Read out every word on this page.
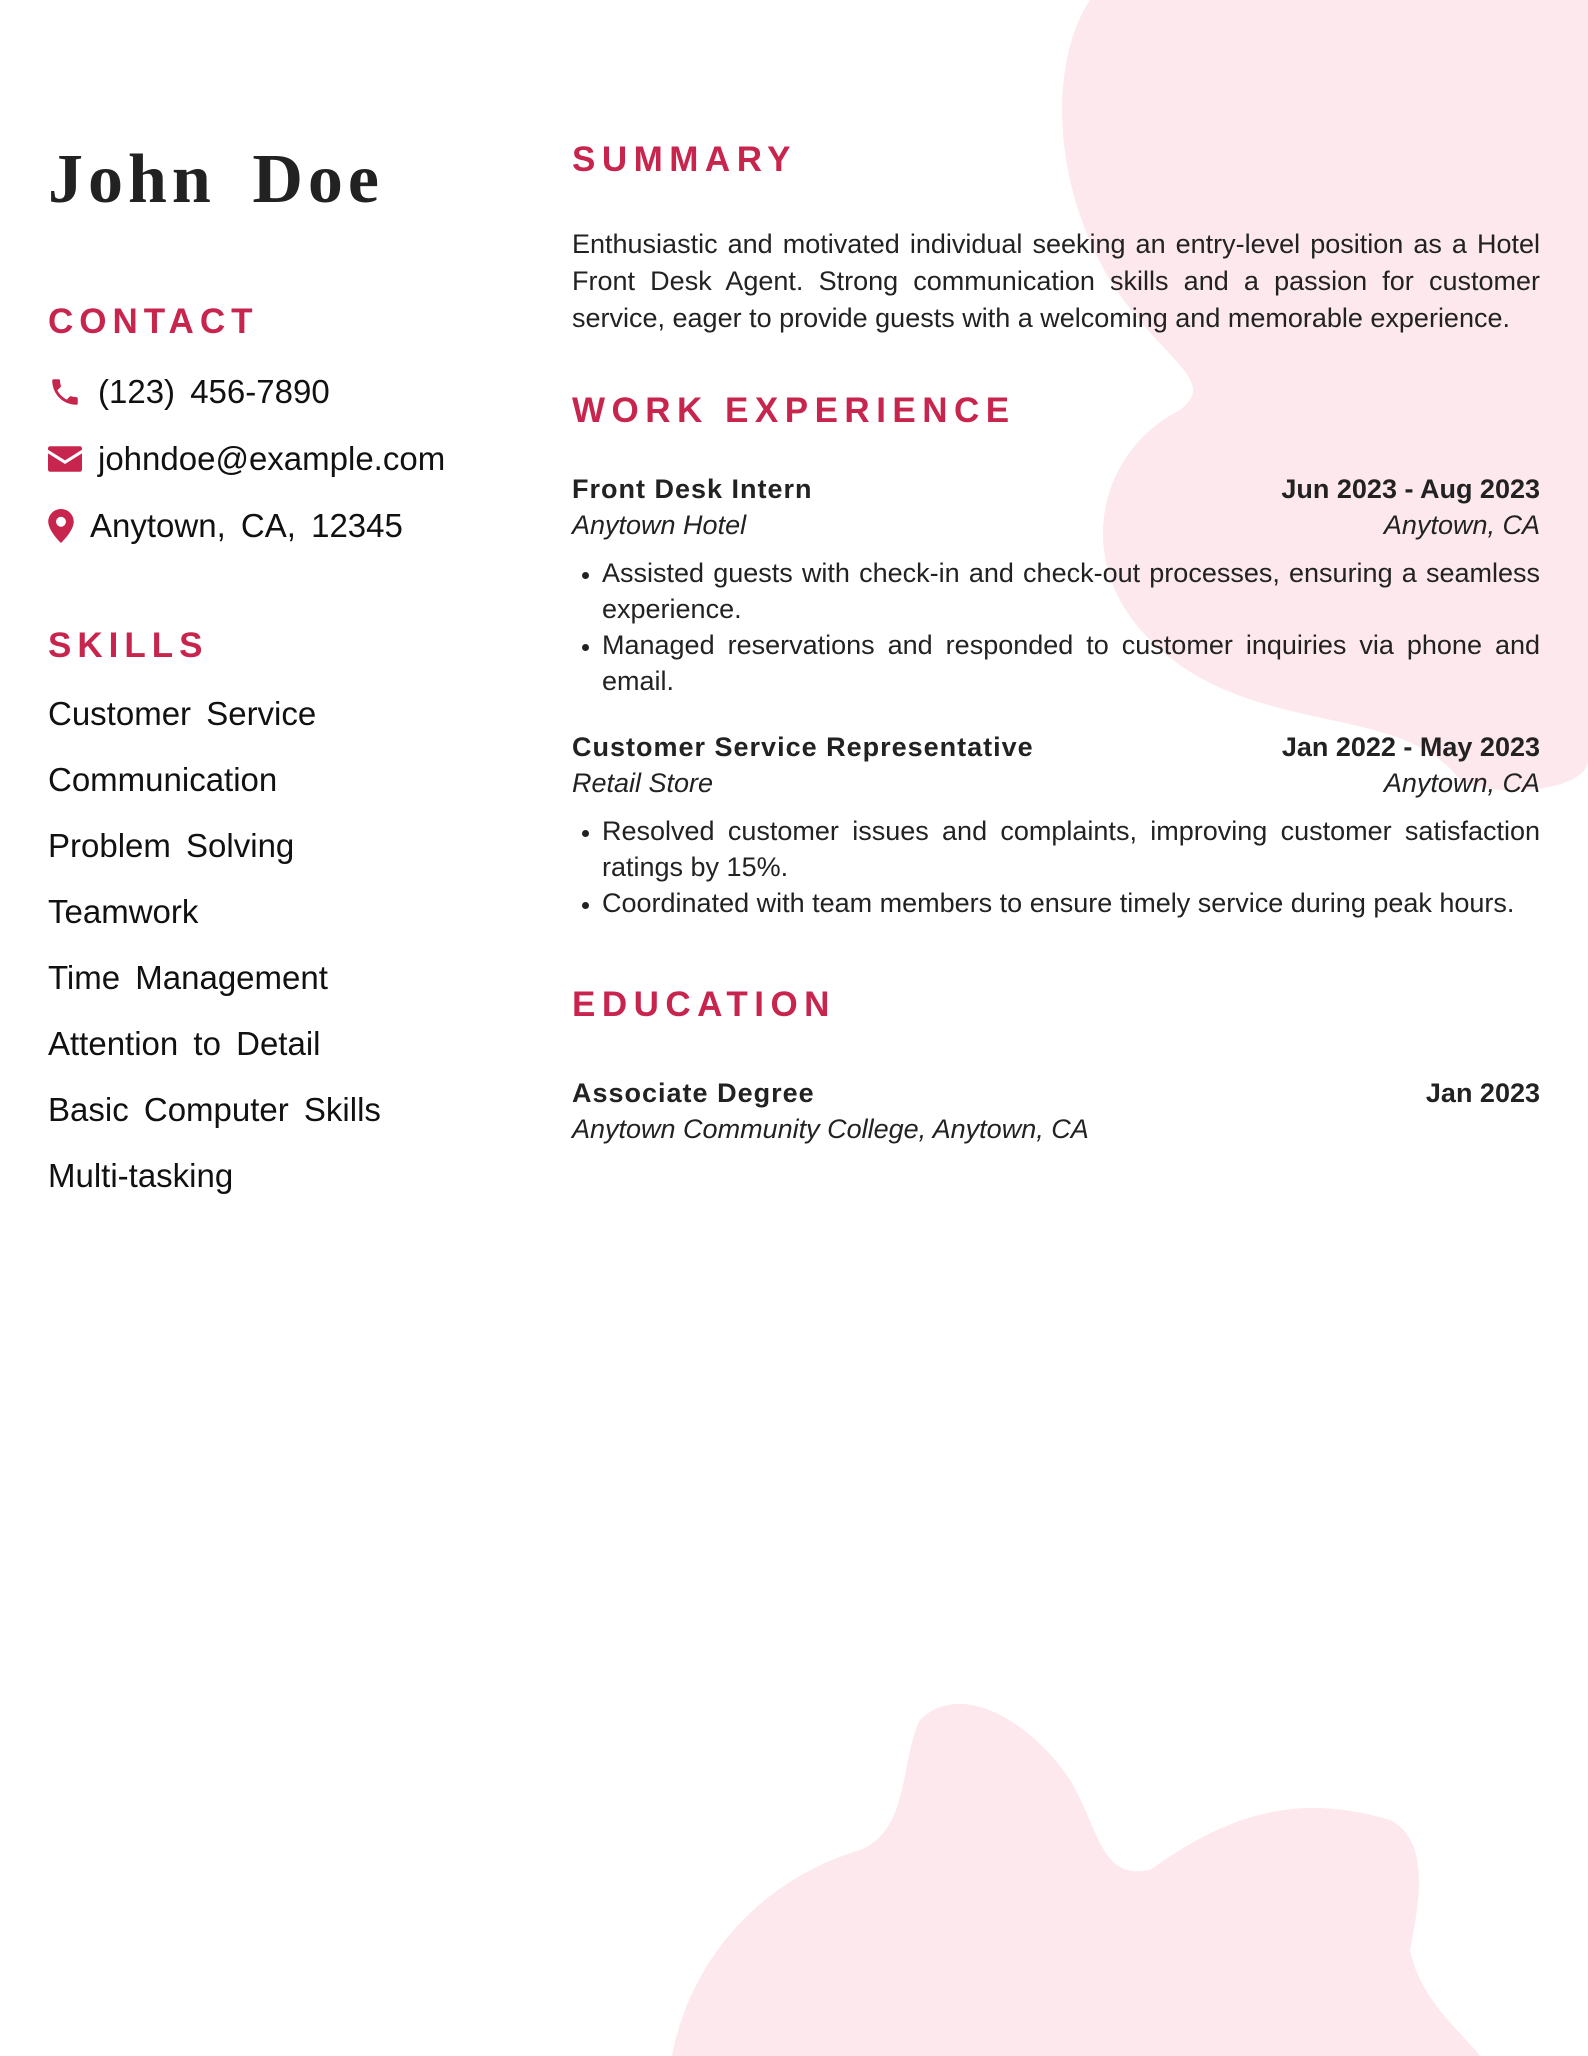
John Doe
CONTACT
(123) 456-7890
johndoe@example.com
Anytown, CA, 12345
SKILLS
Customer Service
Communication
Problem Solving
Teamwork
Time Management
Attention to Detail
Basic Computer Skills
Multi-tasking
SUMMARY

Enthusiastic and motivated individual seeking an entry-level position as a Hotel Front Desk Agent. Strong communication skills and a passion for customer service, eager to provide guests with a welcoming and memorable experience.

WORK EXPERIENCE
Front Desk Intern	Jun 2023 - Aug 2023
Anytown Hotel	Anytown, CA
• Assisted guests with check-in and check-out processes, ensuring a seamless experience.
• Managed reservations and responded to customer inquiries via phone and email.
Customer Service Representative	Jan 2022 - May 2023
Retail Store	Anytown, CA
• Resolved customer issues and complaints, improving customer satisfaction ratings by 15%.
• Coordinated with team members to ensure timely service during peak hours.
EDUCATION
Associate Degree	Jan 2023
Anytown Community College, Anytown, CA
